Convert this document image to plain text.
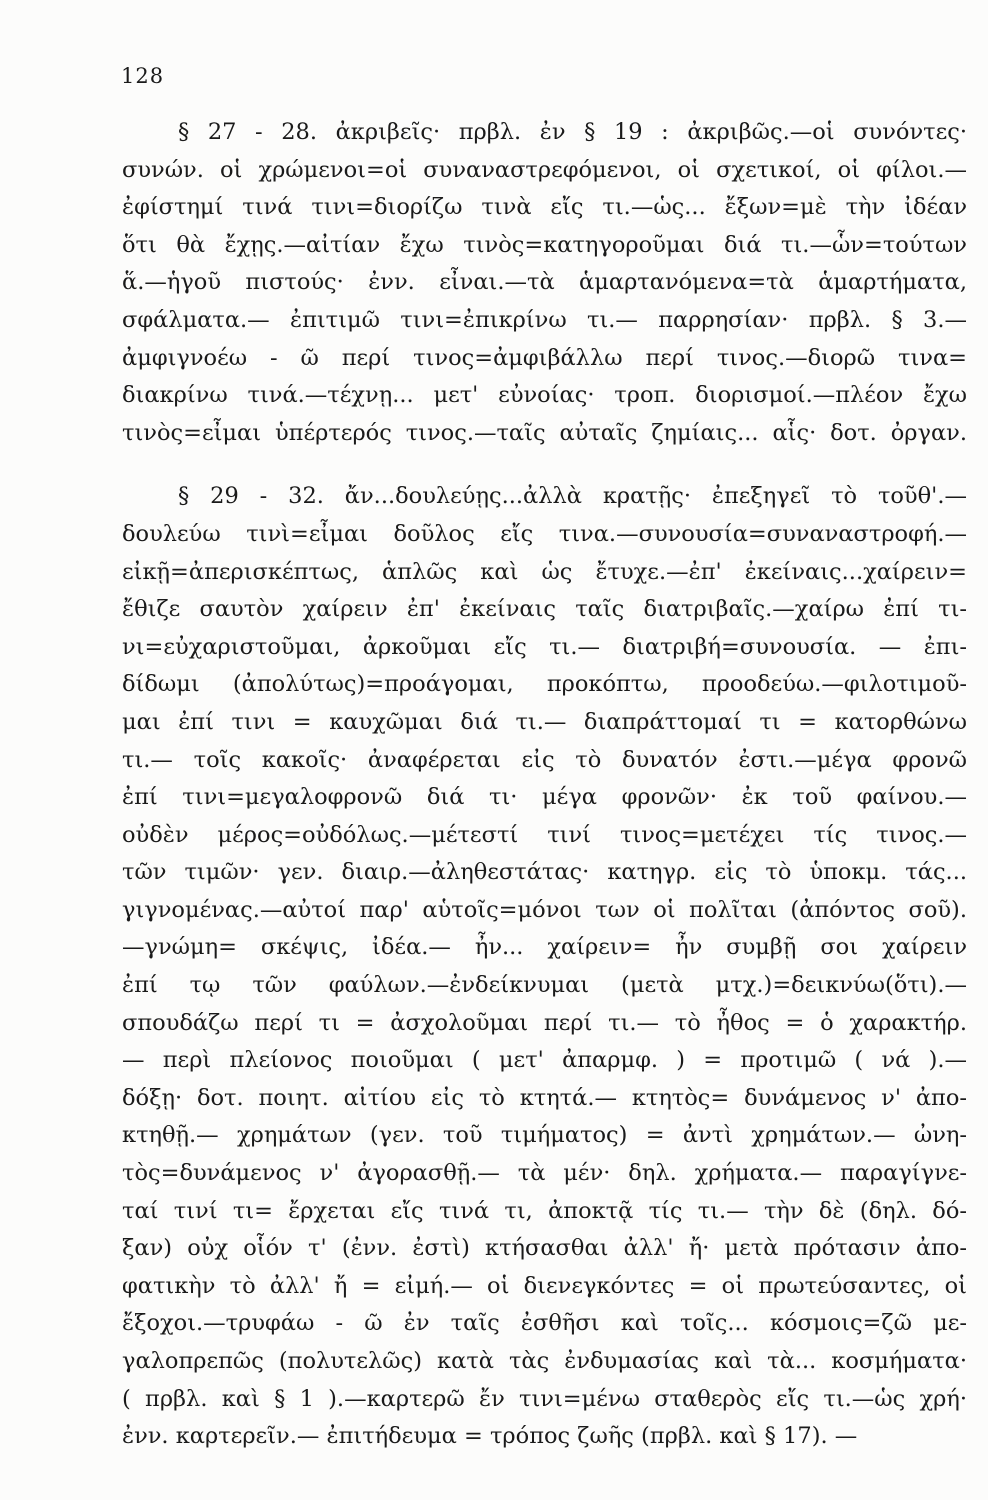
128
§ 27 - 28. ἀκριβεῖς· πρβλ. ἐν § 19 : ἀκριβῶς.—οἱ συνόντες·
συνών. οἱ χρώμενοι=οἱ συναναστρεφόμενοι, οἱ σχετικοί, οἱ φίλοι.—
ἐφίστημί τινά τινι=διορίζω τινὰ εἴς τι.—ὡς... ἔξων=μὲ τὴν ἰδέαν
ὅτι θὰ ἔχῃς.—αἰτίαν ἔχω τινὸς=κατηγοροῦμαι διά τι.—ὧν=τούτων
ἅ.—ἡγοῦ πιστούς· ἐνν. εἶναι.—τὰ ἁμαρτανόμενα=τὰ ἁμαρτήματα,
σφάλματα.— ἐπιτιμῶ τινι=ἐπικρίνω τι.— παρρησίαν· πρβλ. § 3.—
ἀμφιγνοέω - ῶ περί τινος=ἀμφιβάλλω περί τινος.—διορῶ τινα=
διακρίνω τινά.—τέχνῃ... μετ' εὐνοίας· τροπ. διορισμοί.—πλέον ἔχω
τινὸς=εἶμαι ὑπέρτερός τινος.—ταῖς αὐταῖς ζημίαις... αἷς· δοτ. ὀργαν.
§ 29 - 32. ἄν...δουλεύῃς...ἀλλὰ κρατῇς· ἐπεξηγεῖ τὸ τοῦθ'.—
δουλεύω τινὶ=εἶμαι δοῦλος εἴς τινα.—συνουσία=συναναστροφή.—
εἰκῇ=ἀπερισκέπτως, ἁπλῶς καὶ ὡς ἔτυχε.—ἐπ' ἐκείναις...χαίρειν=
ἔθιζε σαυτὸν χαίρειν ἐπ' ἐκείναις ταῖς διατριβαῖς.—χαίρω ἐπί τι-
νι=εὐχαριστοῦμαι, ἀρκοῦμαι εἴς τι.— διατριβή=συνουσία. — ἐπι-
δίδωμι (ἀπολύτως)=προάγομαι, προκόπτω, προοδεύω.—φιλοτιμοῦ-
μαι ἐπί τινι = καυχῶμαι διά τι.— διαπράττομαί τι = κατορθώνω
τι.— τοῖς κακοῖς· ἀναφέρεται εἰς τὸ δυνατόν ἐστι.—μέγα φρονῶ
ἐπί τινι=μεγαλοφρονῶ διά τι· μέγα φρονῶν· ἐκ τοῦ φαίνου.—
οὐδὲν μέρος=οὐδόλως.—μέτεστί τινί τινος=μετέχει τίς τινος.—
τῶν τιμῶν· γεν. διαιρ.—ἀληθεστάτας· κατηγρ. εἰς τὸ ὑποκμ. τάς...
γιγνομένας.—αὐτοί παρ' αὑτοῖς=μόνοι των οἱ πολῖται (ἀπόντος σοῦ).
—γνώμη= σκέψις, ἰδέα.— ἦν... χαίρειν= ἦν συμβῇ σοι χαίρειν
ἐπί τῳ τῶν φαύλων.—ἐνδείκνυμαι (μετὰ μτχ.)=δεικνύω(ὅτι).—
σπουδάζω περί τι = ἀσχολοῦμαι περί τι.— τὸ ἦθος = ὁ χαρακτήρ.
— περὶ πλείονος ποιοῦμαι ( μετ' ἀπαρμφ. ) = προτιμῶ ( νά ).—
δόξῃ· δοτ. ποιητ. αἰτίου εἰς τὸ κτητά.— κτητὸς= δυνάμενος ν' ἀπο-
κτηθῇ.— χρημάτων (γεν. τοῦ τιμήματος) = ἀντὶ χρημάτων.— ὠνη-
τὸς=δυνάμενος ν' ἀγορασθῇ.— τὰ μέν· δηλ. χρήματα.— παραγίγνε-
ταί τινί τι= ἔρχεται εἴς τινά τι, ἀποκτᾷ τίς τι.— τὴν δὲ (δηλ. δό-
ξαν) οὐχ οἷόν τ' (ἐνν. ἐστὶ) κτήσασθαι ἀλλ' ἤ· μετὰ πρότασιν ἀπο-
φατικὴν τὸ ἀλλ' ἤ = εἰμή.— οἱ διενεγκόντες = οἱ πρωτεύσαντες, οἱ
ἔξοχοι.—τρυφάω - ῶ ἐν ταῖς ἐσθῆσι καὶ τοῖς... κόσμοις=ζῶ με-
γαλοπρεπῶς (πολυτελῶς) κατὰ τὰς ἐνδυμασίας καὶ τὰ... κοσμήματα·
( πρβλ. καὶ § 1 ).—καρτερῶ ἔν τινι=μένω σταθερὸς εἴς τι.—ὡς χρή·
ἐνν. καρτερεῖν.— ἐπιτήδευμα = τρόπος ζωῆς (πρβλ. καὶ § 17). —
